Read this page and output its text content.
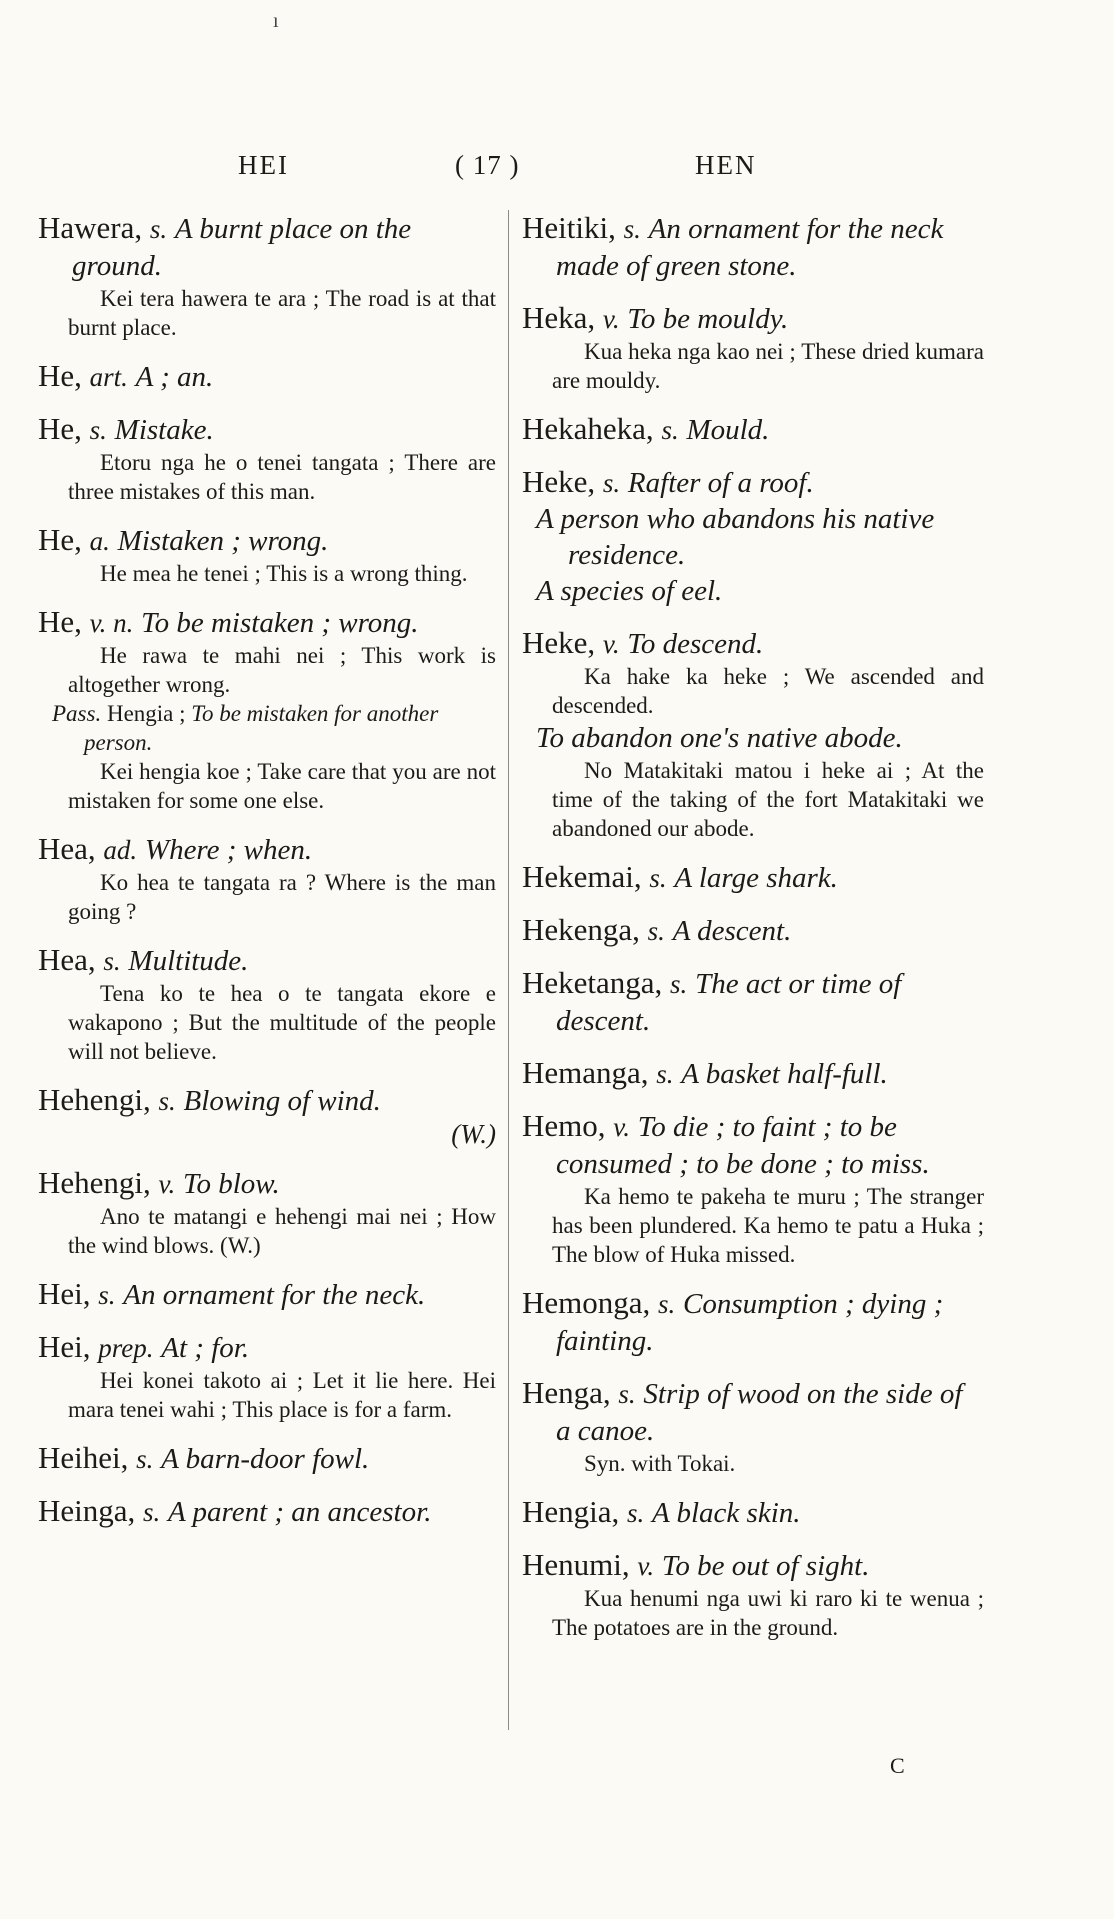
ı
HEI	( 17 )	HEN
Hawera, s. A burnt place on the ground.
Kei tera hawera te ara ; The road is at that burnt place.
He, art. A ; an.
He, s. Mistake.
Etoru nga he o tenei tangata ; There are three mistakes of this man.
He, a. Mistaken ; wrong.
He mea he tenei ; This is a wrong thing.
He, v. n. To be mistaken ; wrong.
He rawa te mahi nei ; This work is altogether wrong.
Pass. Hengia ; To be mistaken for another person.
Kei hengia koe ; Take care that you are not mistaken for some one else.
Hea, ad. Where ; when.
Ko hea te tangata ra ? Where is the man going ?
Hea, s. Multitude.
Tena ko te hea o te tangata ekore e wakapono ; But the multitude of the people will not believe.
Hehengi, s. Blowing of wind.
(W.)
Hehengi, v. To blow.
Ano te matangi e hehengi mai nei ; How the wind blows. (W.)
Hei, s. An ornament for the neck.
Hei, prep. At ; for.
Hei konei takoto ai ; Let it lie here. Hei mara tenei wahi ; This place is for a farm.
Heihei, s. A barn-door fowl.
Heinga, s. A parent ; an ancestor.
Heitiki, s. An ornament for the neck made of green stone.
Heka, v. To be mouldy.
Kua heka nga kao nei ; These dried kumara are mouldy.
Hekaheka, s. Mould.
Heke, s. Rafter of a roof.
A person who abandons his native residence.
A species of eel.
Heke, v. To descend.
Ka hake ka heke ; We ascended and descended.
To abandon one's native abode.
No Matakitaki matou i heke ai ; At the time of the taking of the fort Matakitaki we abandoned our abode.
Hekemai, s. A large shark.
Hekenga, s. A descent.
Heketanga, s. The act or time of descent.
Hemanga, s. A basket half-full.
Hemo, v. To die ; to faint ; to be consumed ; to be done ; to miss.
Ka hemo te pakeha te muru ; The stranger has been plundered. Ka hemo te patu a Huka ; The blow of Huka missed.
Hemonga, s. Consumption ; dying ; fainting.
Henga, s. Strip of wood on the side of a canoe.
Syn. with Tokai.
Hengia, s. A black skin.
Henumi, v. To be out of sight.
Kua henumi nga uwi ki raro ki te wenua ; The potatoes are in the ground.
C
